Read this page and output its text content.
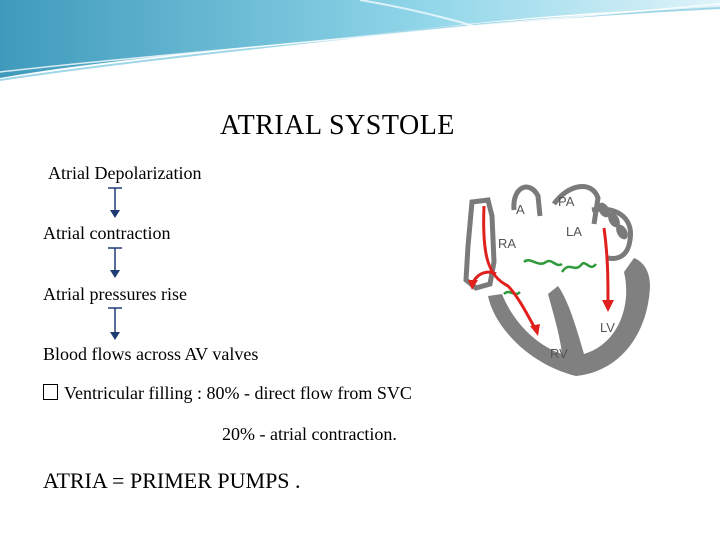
ATRIAL SYSTOLE
Atrial Depolarization
Atrial contraction
Atrial pressures rise
Blood flows across AV valves
Ventricular filling : 80% - direct flow from SVC
20% - atrial contraction.
ATRIA = PRIMER PUMPS .
A
PA
RA
LA
LV
RV
